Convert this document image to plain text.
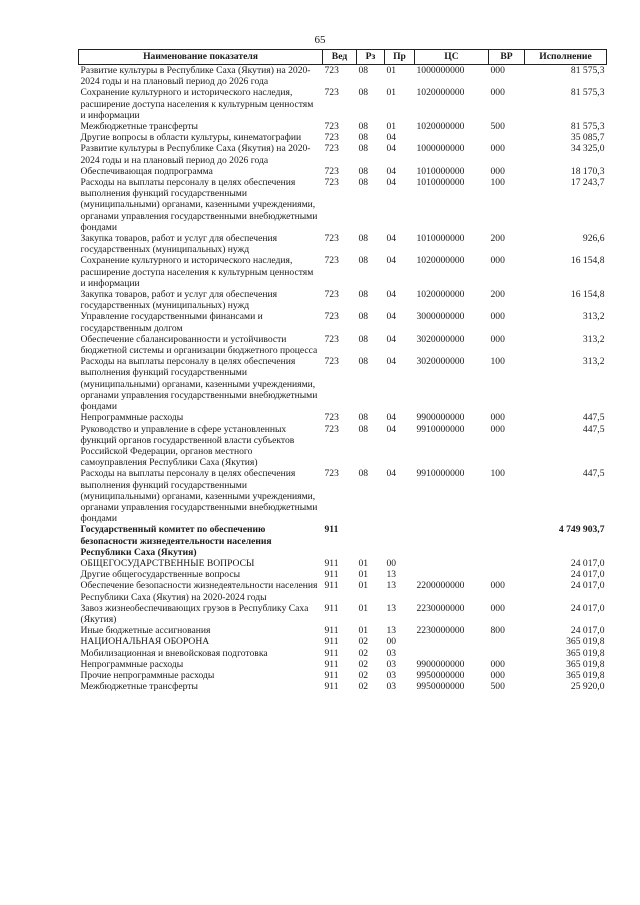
65
Наименование показателя	Вед	Рз	Пр	ЦС	ВР	Исполнение
Развитие культуры в Республике Саха (Якутия) на 2020-2024 годы и на плановый период до 2026 года	723	08	01	1000000000	000	81 575,3
Сохранение культурного и исторического наследия, расширение доступа населения к культурным ценностям и информации	723	08	01	1020000000	000	81 575,3
Межбюджетные трансферты	723	08	01	1020000000	500	81 575,3
Другие вопросы в области культуры, кинематографии	723	08	04			35 085,7
Развитие культуры в Республике Саха (Якутия) на 2020-2024 годы и на плановый период до 2026 года	723	08	04	1000000000	000	34 325,0
Обеспечивающая подпрограмма	723	08	04	1010000000	000	18 170,3
Расходы на выплаты персоналу в целях обеспечения выполнения функций государственными (муниципальными) органами, казенными учреждениями, органами управления государственными внебюджетными фондами	723	08	04	1010000000	100	17 243,7
Закупка товаров, работ и услуг для обеспечения государственных (муниципальных) нужд	723	08	04	1010000000	200	926,6
Сохранение культурного и исторического наследия, расширение доступа населения к культурным ценностям и информации	723	08	04	1020000000	000	16 154,8
Закупка товаров, работ и услуг для обеспечения государственных (муниципальных) нужд	723	08	04	1020000000	200	16 154,8
Управление государственными финансами и государственным долгом	723	08	04	3000000000	000	313,2
Обеспечение сбалансированности и устойчивости бюджетной системы и организации бюджетного процесса	723	08	04	3020000000	000	313,2
Расходы на выплаты персоналу в целях обеспечения выполнения функций государственными (муниципальными) органами, казенными учреждениями, органами управления государственными внебюджетными фондами	723	08	04	3020000000	100	313,2
Непрограммные расходы	723	08	04	9900000000	000	447,5
Руководство и управление в сфере установленных функций органов государственной власти субъектов Российской Федерации, органов местного самоуправления Республики Саха (Якутия)	723	08	04	9910000000	000	447,5
Расходы на выплаты персоналу в целях обеспечения выполнения функций государственными (муниципальными) органами, казенными учреждениями, органами управления государственными внебюджетными фондами	723	08	04	9910000000	100	447,5
Государственный комитет по обеспечению безопасности жизнедеятельности населения Республики Саха (Якутия)	911					4 749 903,7
ОБЩЕГОСУДАРСТВЕННЫЕ ВОПРОСЫ	911	01	00			24 017,0
Другие общегосударственные вопросы	911	01	13			24 017,0
Обеспечение безопасности жизнедеятельности населения Республики Саха (Якутия) на 2020-2024 годы	911	01	13	2200000000	000	24 017,0
Завоз жизнеобеспечивающих грузов в Республику Саха (Якутия)	911	01	13	2230000000	000	24 017,0
Иные бюджетные ассигнования	911	01	13	2230000000	800	24 017,0
НАЦИОНАЛЬНАЯ ОБОРОНА	911	02	00			365 019,8
Мобилизационная и вневойсковая подготовка	911	02	03			365 019,8
Непрограммные расходы	911	02	03	9900000000	000	365 019,8
Прочие непрограммные расходы	911	02	03	9950000000	000	365 019,8
Межбюджетные трансферты	911	02	03	9950000000	500	25 920,0
